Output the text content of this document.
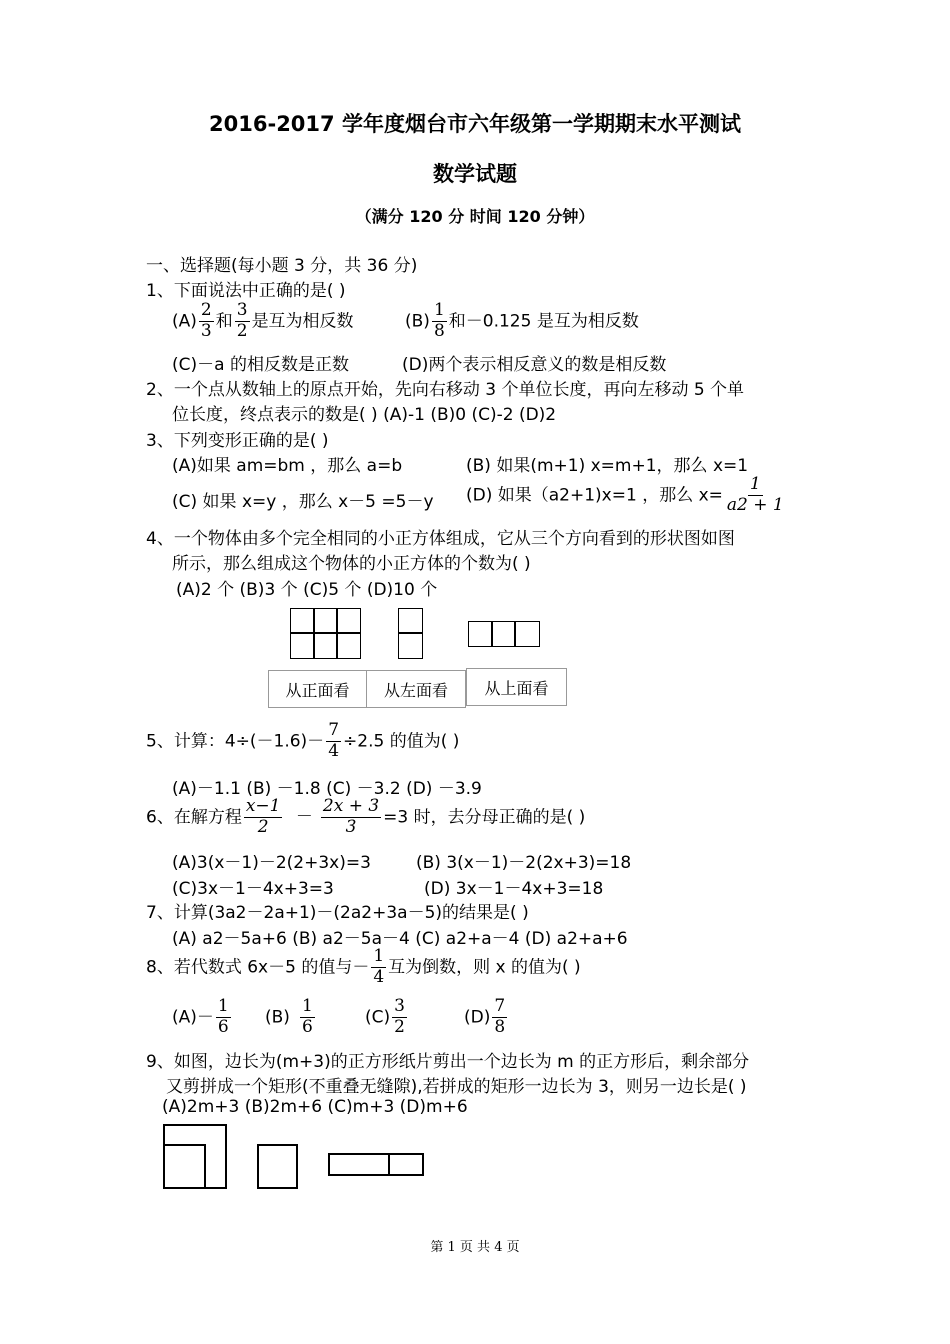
2016-2017 学年度烟台市六年级第一学期期末水平测试
数学试题
（满分 120 分 时间 120 分钟）
一、选择题(每小题 3 分，共 36 分)
1、下面说法中正确的是( )
$(A) \frac{2}{3}$ 和 $\frac{3}{2}$ 是互为相反数	$(B) \frac{1}{8}$ 和－0.125 是互为相反数
(C)－a 的相反数是正数	(D)两个表示相反意义的数是相反数
2、一个点从数轴上的原点开始，先向右移动 3 个单位长度，再向左移动 5 个单
位长度，终点表示的数是( ) (A)-1 (B)0 (C)-2 (D)2
3、下列变形正确的是( )
(A)如果 am=bm ，那么 a=b	(B) 如果(m+1) x=m+1，那么 x=1
(C) 如果 x=y ，那么 x－5 =5－y (D) 如果（a2+1)x=1 ，那么 $x= \frac{1}{a2 + 1}$
4、一个物体由多个完全相同的小正方体组成，它从三个方向看到的形状图如图
所示，那么组成这个物体的小正方体的个数为( )
(A)2 个 (B)3 个 (C)5 个 (D)10 个
从正面看	从左面看	从上面看
5、计算：$4\div(-1.6)- \frac{7}{4} \div 2.5$ 的值为( )
(A)－1.1 (B) －1.8 (C) －3.2 (D) －3.9
6、在解方程 $\frac{x-1}{2} - \frac{2x + 3}{3} =3$ 时，去分母正确的是( )
(A)3(x－1)－2(2+3x)=3	(B) 3(x－1)－2(2x+3)=18
(C)3x－1－4x+3=3	(D) 3x－1－4x+3=18
7、计算(3a2－2a+1)－(2a2+3a－5)的结果是( )
(A) a2－5a+6 (B) a2－5a－4 (C) a2+a－4 (D) a2+a+6
8、若代数式 6x－5 的值与－ $\frac{1}{4}$ 互为倒数，则 x 的值为( )
$(A)- \frac{1}{6} (B) \frac{1}{6}$	$(C) \frac{3}{2}$	$(D) \frac{7}{8}$
9、如图，边长为(m+3)的正方形纸片剪出一个边长为 m 的正方形后，剩余部分
又剪拼成一个矩形(不重叠无缝隙),若拼成的矩形一边长为 3，则另一边长是( )
(A)2m+3 (B)2m+6 (C)m+3 (D)m+6
第 1 页 共 4 页
